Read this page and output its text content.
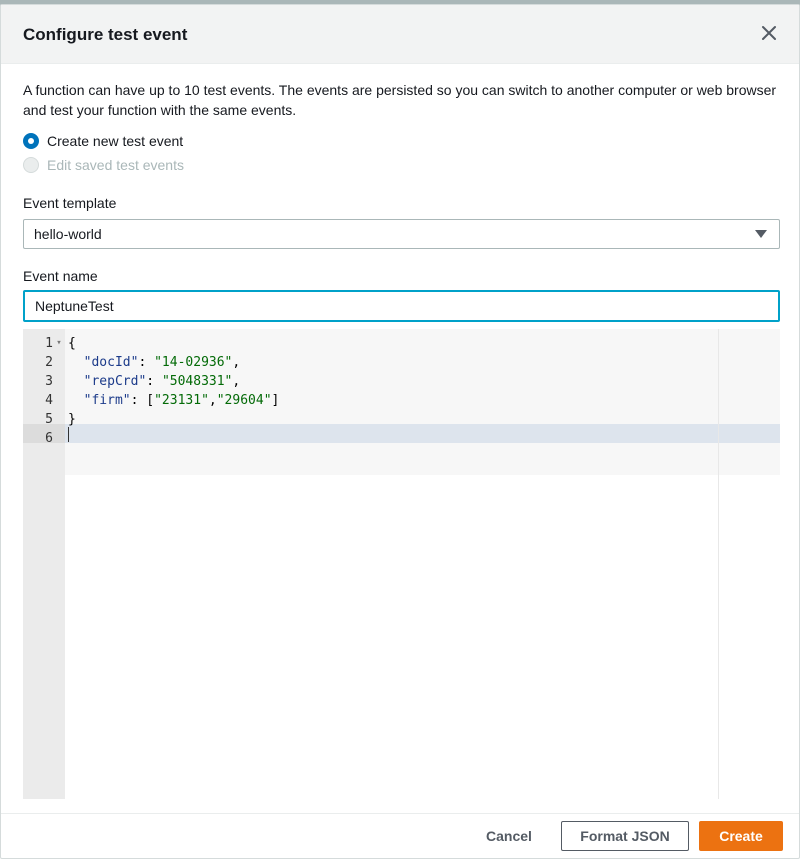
Configure test event
A function can have up to 10 test events. The events are persisted so you can switch to another computer or web browser and test your function with the same events.
Create new test event
Edit saved test events
Event template
hello-world
Event name
NeptuneTest
1 ▾ {
2	"docId": "14-02936",
3	"repCrd": "5048331",
4	"firm": ["23131","29604"]
5 }
6
Cancel	Format JSON	Create
